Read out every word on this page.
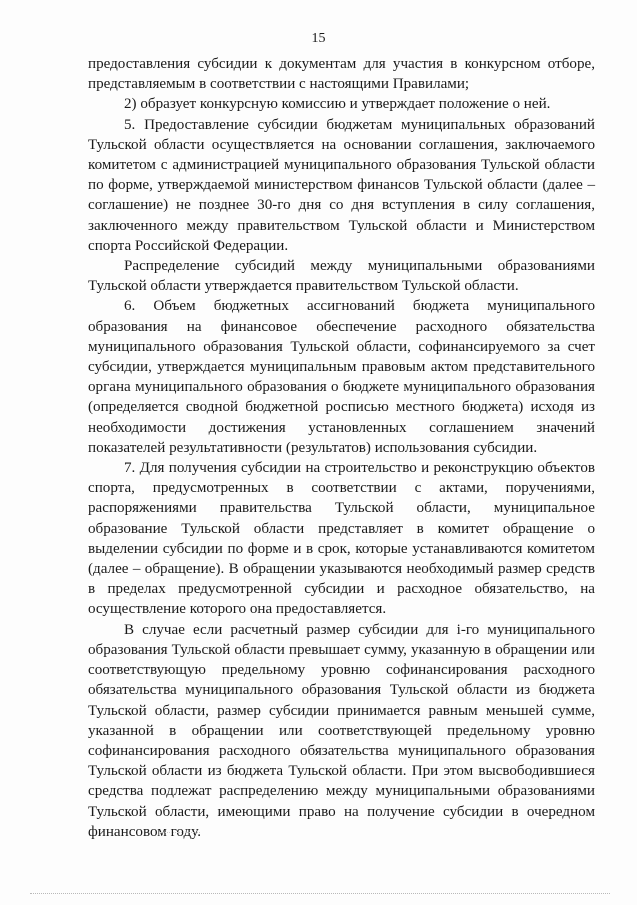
15

предоставления субсидии к документам для участия в конкурсном отборе, представляемым в соответствии с настоящими Правилами;

2) образует конкурсную комиссию и утверждает положение о ней.

5. Предоставление субсидии бюджетам муниципальных образований Тульской области осуществляется на основании соглашения, заключаемого комитетом с администрацией муниципального образования Тульской области по форме, утверждаемой министерством финансов Тульской области (далее – соглашение) не позднее 30-го дня со дня вступления в силу соглашения, заключенного между правительством Тульской области и Министерством спорта Российской Федерации.

Распределение субсидий между муниципальными образованиями Тульской области утверждается правительством Тульской области.

6. Объем бюджетных ассигнований бюджета муниципального образования на финансовое обеспечение расходного обязательства муниципального образования Тульской области, софинансируемого за счет субсидии, утверждается муниципальным правовым актом представительного органа муниципального образования о бюджете муниципального образования (определяется сводной бюджетной росписью местного бюджета) исходя из необходимости достижения установленных соглашением значений показателей результативности (результатов) использования субсидии.

7. Для получения субсидии на строительство и реконструкцию объектов спорта, предусмотренных в соответствии с актами, поручениями, распоряжениями правительства Тульской области, муниципальное образование Тульской области представляет в комитет обращение о выделении субсидии по форме и в срок, которые устанавливаются комитетом (далее – обращение). В обращении указываются необходимый размер средств в пределах предусмотренной субсидии и расходное обязательство, на осуществление которого она предоставляется.

В случае если расчетный размер субсидии для i-го муниципального образования Тульской области превышает сумму, указанную в обращении или соответствующую предельному уровню софинансирования расходного обязательства муниципального образования Тульской области из бюджета Тульской области, размер субсидии принимается равным меньшей сумме, указанной в обращении или соответствующей предельному уровню софинансирования расходного обязательства муниципального образования Тульской области из бюджета Тульской области. При этом высвободившиеся средства подлежат распределению между муниципальными образованиями Тульской области, имеющими право на получение субсидии в очередном финансовом году.
